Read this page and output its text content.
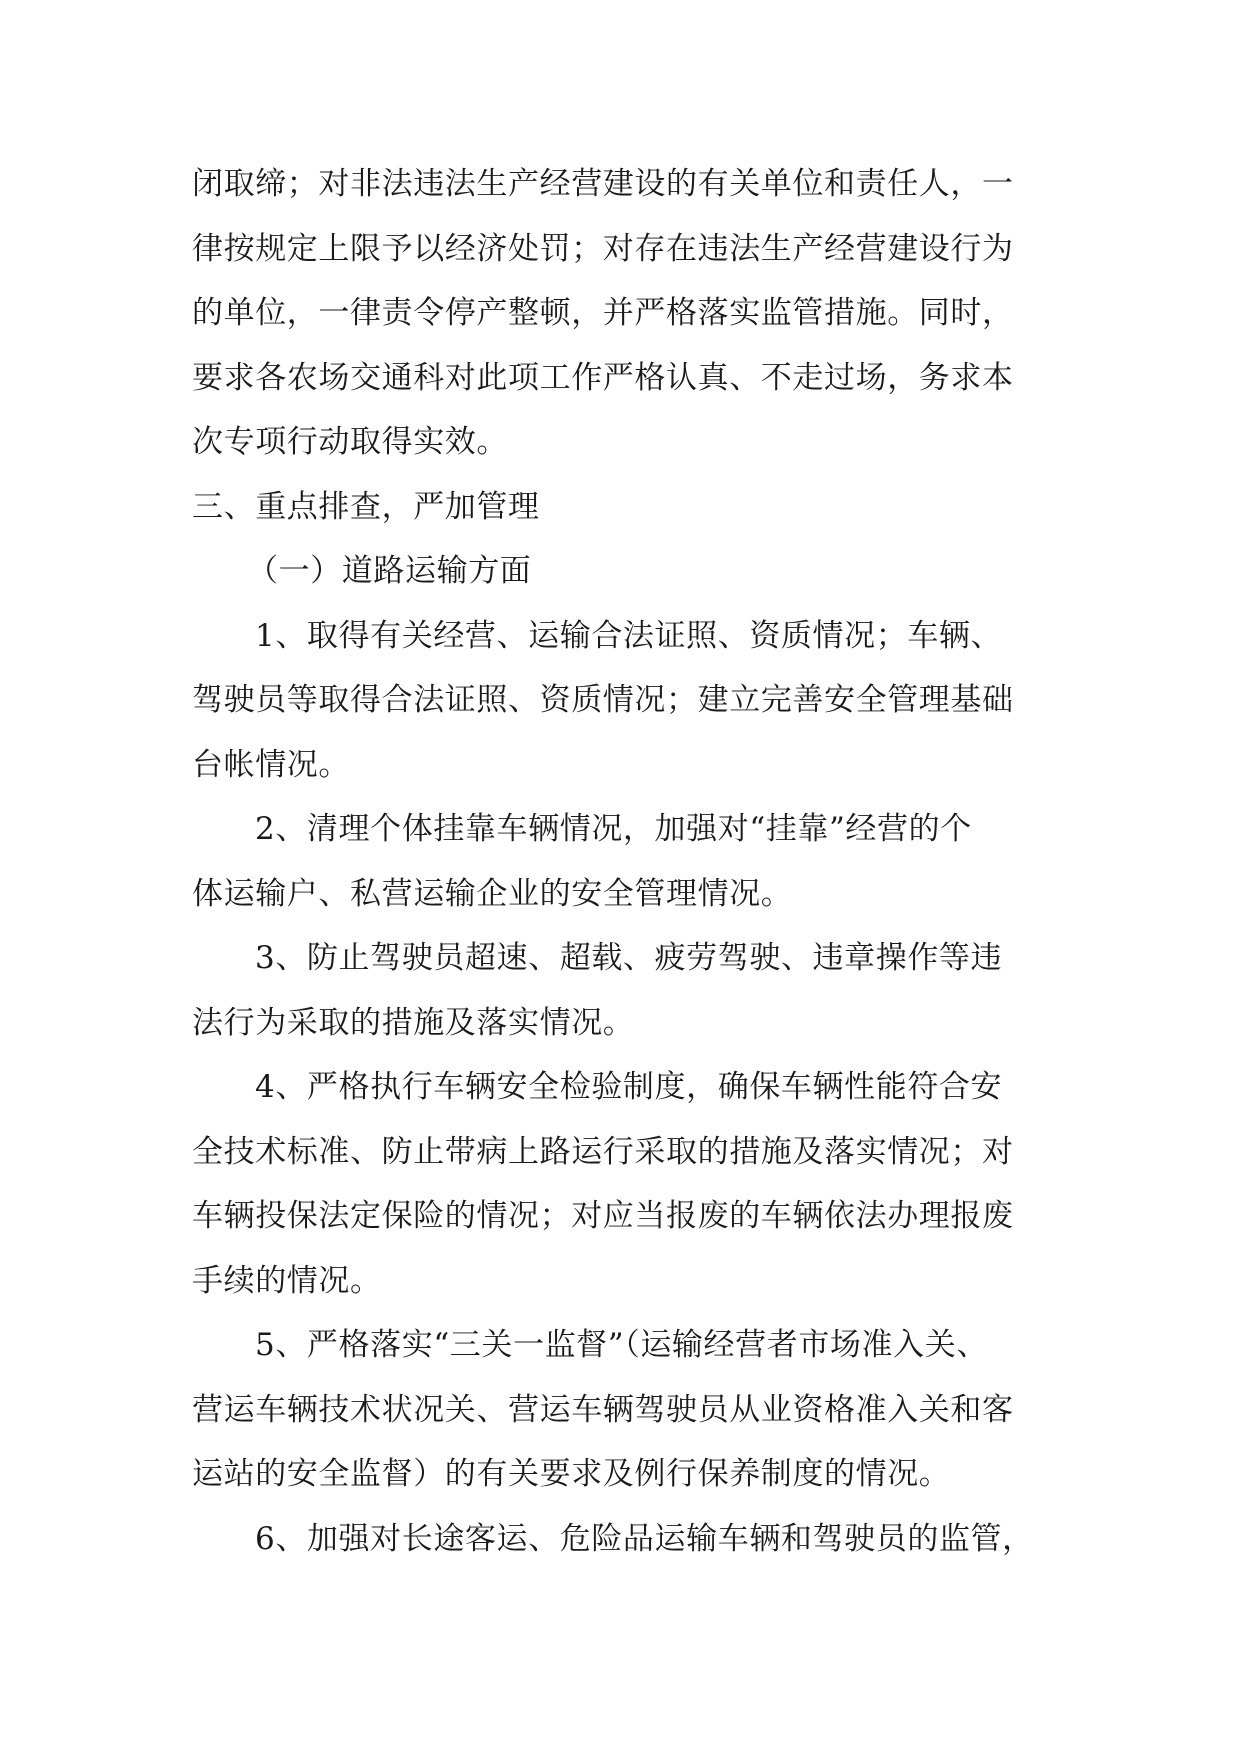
闭取缔；对非法违法生产经营建设的有关单位和责任人，一
律按规定上限予以经济处罚；对存在违法生产经营建设行为
的单位，一律责令停产整顿，并严格落实监管措施。同时，
要求各农场交通科对此项工作严格认真、不走过场，务求本
次专项行动取得实效。
三、重点排查，严加管理
（一）道路运输方面
1、取得有关经营、运输合法证照、资质情况；车辆、
驾驶员等取得合法证照、资质情况；建立完善安全管理基础
台帐情况。
2、清理个体挂靠车辆情况，加强对“挂靠”经营的个
体运输户、私营运输企业的安全管理情况。
3、防止驾驶员超速、超载、疲劳驾驶、违章操作等违
法行为采取的措施及落实情况。
4、严格执行车辆安全检验制度，确保车辆性能符合安
全技术标准、防止带病上路运行采取的措施及落实情况；对
车辆投保法定保险的情况；对应当报废的车辆依法办理报废
手续的情况。
5、严格落实“三关一监督”（运输经营者市场准入关、
营运车辆技术状况关、营运车辆驾驶员从业资格准入关和客
运站的安全监督）的有关要求及例行保养制度的情况。
6、加强对长途客运、危险品运输车辆和驾驶员的监管，
